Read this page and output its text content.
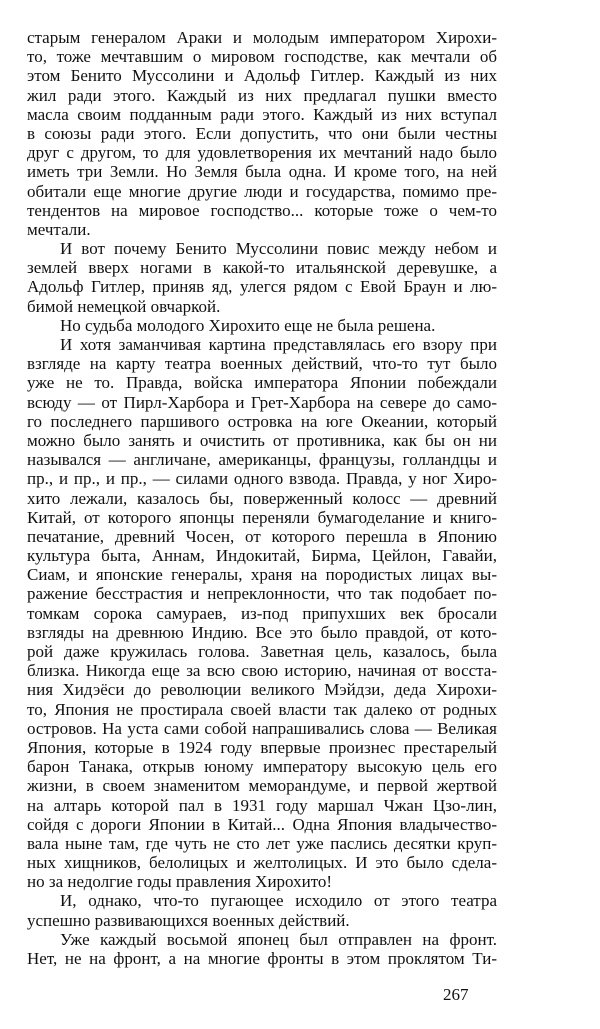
старым генералом Араки и молодым императором Хирохи-
то, тоже мечтавшим о мировом господстве, как мечтали об
этом Бенито Муссолини и Адольф Гитлер. Каждый из них
жил ради этого. Каждый из них предлагал пушки вместо
масла своим подданным ради этого. Каждый из них вступал
в союзы ради этого. Если допустить, что они были честны
друг с другом, то для удовлетворения их мечтаний надо было
иметь три Земли. Но Земля была одна. И кроме того, на ней
обитали еще многие другие люди и государства, помимо пре-
тендентов на мировое господство... которые тоже о чем-то
мечтали.
И вот почему Бенито Муссолини повис между небом и
землей вверх ногами в какой-то итальянской деревушке, а
Адольф Гитлер, приняв яд, улегся рядом с Евой Браун и лю-
бимой немецкой овчаркой.
Но судьба молодого Хирохито еще не была решена.
И хотя заманчивая картина представлялась его взору при
взгляде на карту театра военных действий, что-то тут было
уже не то. Правда, войска императора Японии побеждали
всюду — от Пирл-Харбора и Грет-Харбора на севере до само-
го последнего паршивого островка на юге Океании, который
можно было занять и очистить от противника, как бы он ни
назывался — англичане, американцы, французы, голландцы и
пр., и пр., и пр., — силами одного взвода. Правда, у ног Хиро-
хито лежали, казалось бы, поверженный колосс — древний
Китай, от которого японцы переняли бумагоделание и книго-
печатание, древний Чосен, от которого перешла в Японию
культура быта, Аннам, Индокитай, Бирма, Цейлон, Гавайи,
Сиам, и японские генералы, храня на породистых лицах вы-
ражение бесстрастия и непреклонности, что так подобает по-
томкам сорока самураев, из-под припухших век бросали
взгляды на древнюю Индию. Все это было правдой, от кото-
рой даже кружилась голова. Заветная цель, казалось, была
близка. Никогда еще за всю свою историю, начиная от восста-
ния Хидэёси до революции великого Мэйдзи, деда Хирохи-
то, Япония не простирала своей власти так далеко от родных
островов. На уста сами собой напрашивались слова — Великая
Япония, которые в 1924 году впервые произнес престарелый
барон Танака, открыв юному императору высокую цель его
жизни, в своем знаменитом меморандуме, и первой жертвой
на алтарь которой пал в 1931 году маршал Чжан Цзо-лин,
сойдя с дороги Японии в Китай... Одна Япония владычество-
вала ныне там, где чуть не сто лет уже паслись десятки круп-
ных хищников, белолицых и желтолицых. И это было сдела-
но за недолгие годы правления Хирохито!
И, однако, что-то пугающее исходило от этого театра
успешно развивающихся военных действий.
Уже каждый восьмой японец был отправлен на фронт.
Нет, не на фронт, а на многие фронты в этом проклятом Ти-
267
